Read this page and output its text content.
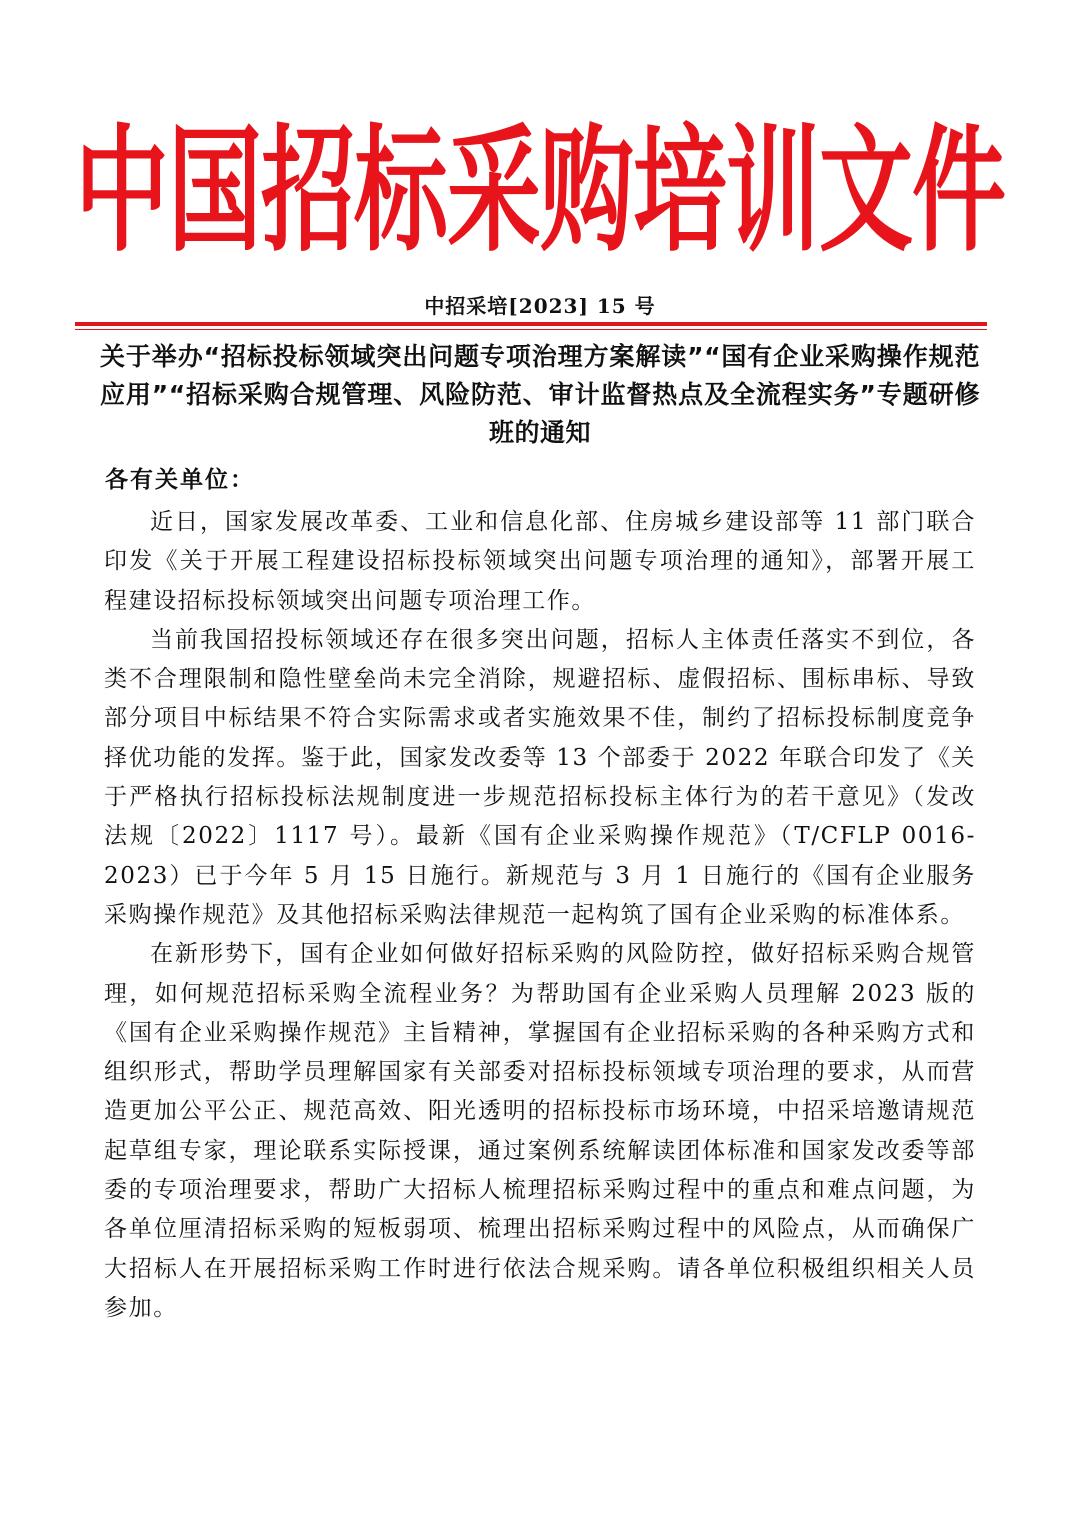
中国招标采购培训文件
中招采培[2023] 15 号
关于举办“招标投标领域突出问题专项治理方案解读”“国有企业采购操作规范应用”“招标采购合规管理、风险防范、审计监督热点及全流程实务”专题研修班的通知
各有关单位：

近日，国家发展改革委、工业和信息化部、住房城乡建设部等 11 部门联合印发《关于开展工程建设招标投标领域突出问题专项治理的通知》，部署开展工程建设招标投标领域突出问题专项治理工作。

当前我国招投标领域还存在很多突出问题，招标人主体责任落实不到位，各类不合理限制和隐性壁垒尚未完全消除，规避招标、虚假招标、围标串标、导致部分项目中标结果不符合实际需求或者实施效果不佳，制约了招标投标制度竞争择优功能的发挥。鉴于此，国家发改委等 13 个部委于 2022 年联合印发了《关于严格执行招标投标法规制度进一步规范招标投标主体行为的若干意见》（发改法规〔2022〕1117 号）。最新《国有企业采购操作规范》（T/CFLP 0016-2023）已于今年 5 月 15 日施行。新规范与 3 月 1 日施行的《国有企业服务采购操作规范》及其他招标采购法律规范一起构筑了国有企业采购的标准体系。

在新形势下，国有企业如何做好招标采购的风险防控，做好招标采购合规管理，如何规范招标采购全流程业务？为帮助国有企业采购人员理解 2023 版的《国有企业采购操作规范》主旨精神，掌握国有企业招标采购的各种采购方式和组织形式，帮助学员理解国家有关部委对招标投标领域专项治理的要求，从而营造更加公平公正、规范高效、阳光透明的招标投标市场环境，中招采培邀请规范起草组专家，理论联系实际授课，通过案例系统解读团体标准和国家发改委等部委的专项治理要求，帮助广大招标人梳理招标采购过程中的重点和难点问题，为各单位厘清招标采购的短板弱项、梳理出招标采购过程中的风险点，从而确保广大招标人在开展招标采购工作时进行依法合规采购。请各单位积极组织相关人员参加。
